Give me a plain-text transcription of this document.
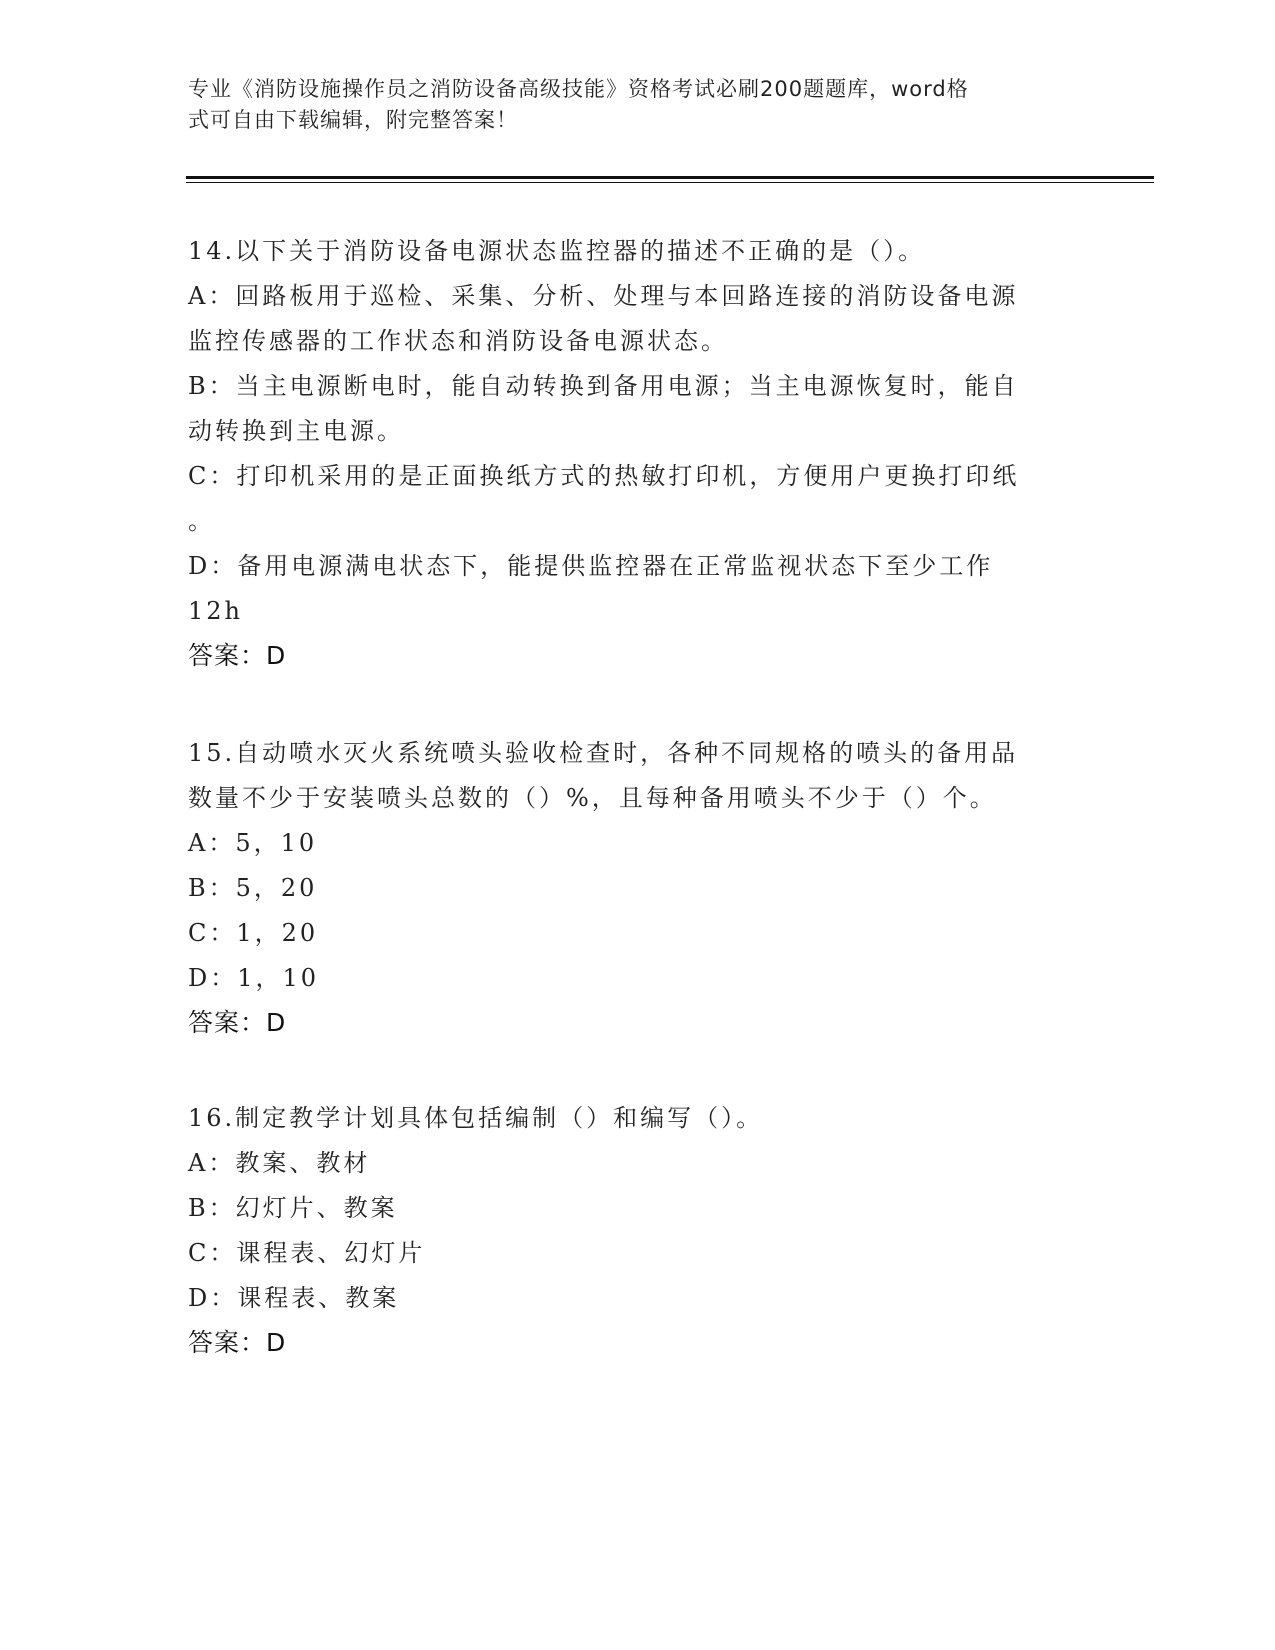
专业《消防设施操作员之消防设备高级技能》资格考试必刷200题题库，word格
式可自由下载编辑，附完整答案！
14.以下关于消防设备电源状态监控器的描述不正确的是（）。
A：回路板用于巡检、采集、分析、处理与本回路连接的消防设备电源
监控传感器的工作状态和消防设备电源状态。
B：当主电源断电时，能自动转换到备用电源；当主电源恢复时，能自
动转换到主电源。
C：打印机采用的是正面换纸方式的热敏打印机，方便用户更换打印纸
。
D：备用电源满电状态下，能提供监控器在正常监视状态下至少工作
12h
答案：D
15.自动喷水灭火系统喷头验收检查时，各种不同规格的喷头的备用品
数量不少于安装喷头总数的（）%，且每种备用喷头不少于（）个。
A：5，10
B：5，20
C：1，20
D：1，10
答案：D
16.制定教学计划具体包括编制（）和编写（）。
A：教案、教材
B：幻灯片、教案
C：课程表、幻灯片
D：课程表、教案
答案：D
